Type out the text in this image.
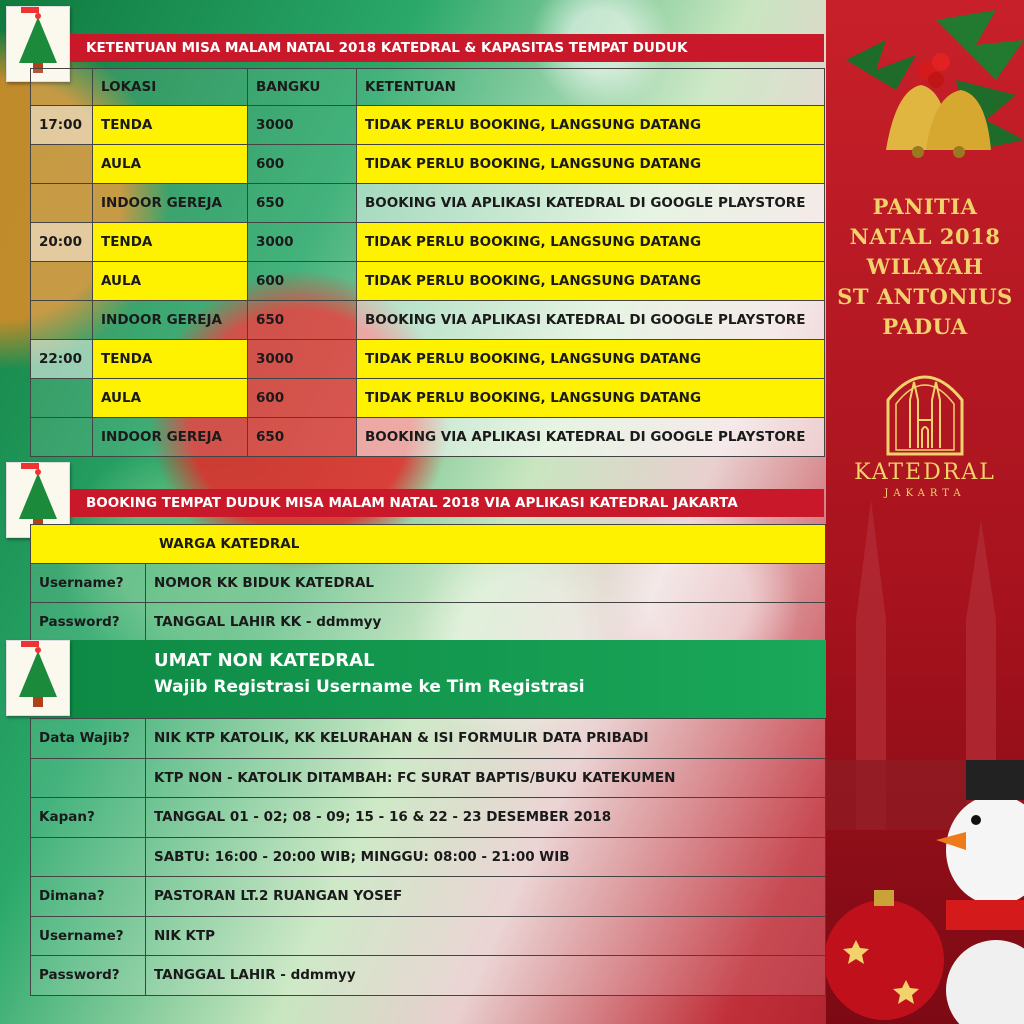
PANITIA
NATAL 2018
WILAYAH
ST ANTONIUS
PADUA
KATEDRAL
JAKARTA
KETENTUAN MISA MALAM NATAL 2018 KATEDRAL & KAPASITAS TEMPAT DUDUK
	LOKASI	BANGKU	KETENTUAN
17:00	TENDA	3000	TIDAK PERLU BOOKING, LANGSUNG DATANG
	AULA	600	TIDAK PERLU BOOKING, LANGSUNG DATANG
	INDOOR GEREJA	650	BOOKING VIA APLIKASI KATEDRAL DI GOOGLE PLAYSTORE
20:00	TENDA	3000	TIDAK PERLU BOOKING, LANGSUNG DATANG
	AULA	600	TIDAK PERLU BOOKING, LANGSUNG DATANG
	INDOOR GEREJA	650	BOOKING VIA APLIKASI KATEDRAL DI GOOGLE PLAYSTORE
22:00	TENDA	3000	TIDAK PERLU BOOKING, LANGSUNG DATANG
	AULA	600	TIDAK PERLU BOOKING, LANGSUNG DATANG
	INDOOR GEREJA	650	BOOKING VIA APLIKASI KATEDRAL DI GOOGLE PLAYSTORE
BOOKING TEMPAT DUDUK MISA MALAM NATAL 2018 VIA APLIKASI KATEDRAL JAKARTA
WARGA KATEDRAL	
Username?	NOMOR KK BIDUK KATEDRAL
Password?	TANGGAL LAHIR KK - ddmmyy
UMAT NON KATEDRAL
Wajib Registrasi Username ke Tim Registrasi
Data Wajib?	NIK KTP KATOLIK, KK KELURAHAN & ISI FORMULIR DATA PRIBADI
	KTP NON - KATOLIK DITAMBAH: FC SURAT BAPTIS/BUKU KATEKUMEN
Kapan?	TANGGAL 01 - 02; 08 - 09; 15 - 16 & 22 - 23 DESEMBER 2018
	SABTU: 16:00 - 20:00 WIB; MINGGU: 08:00 - 21:00 WIB
Dimana?	PASTORAN LT.2 RUANGAN YOSEF
Username?	NIK KTP
Password?	TANGGAL LAHIR - ddmmyy
